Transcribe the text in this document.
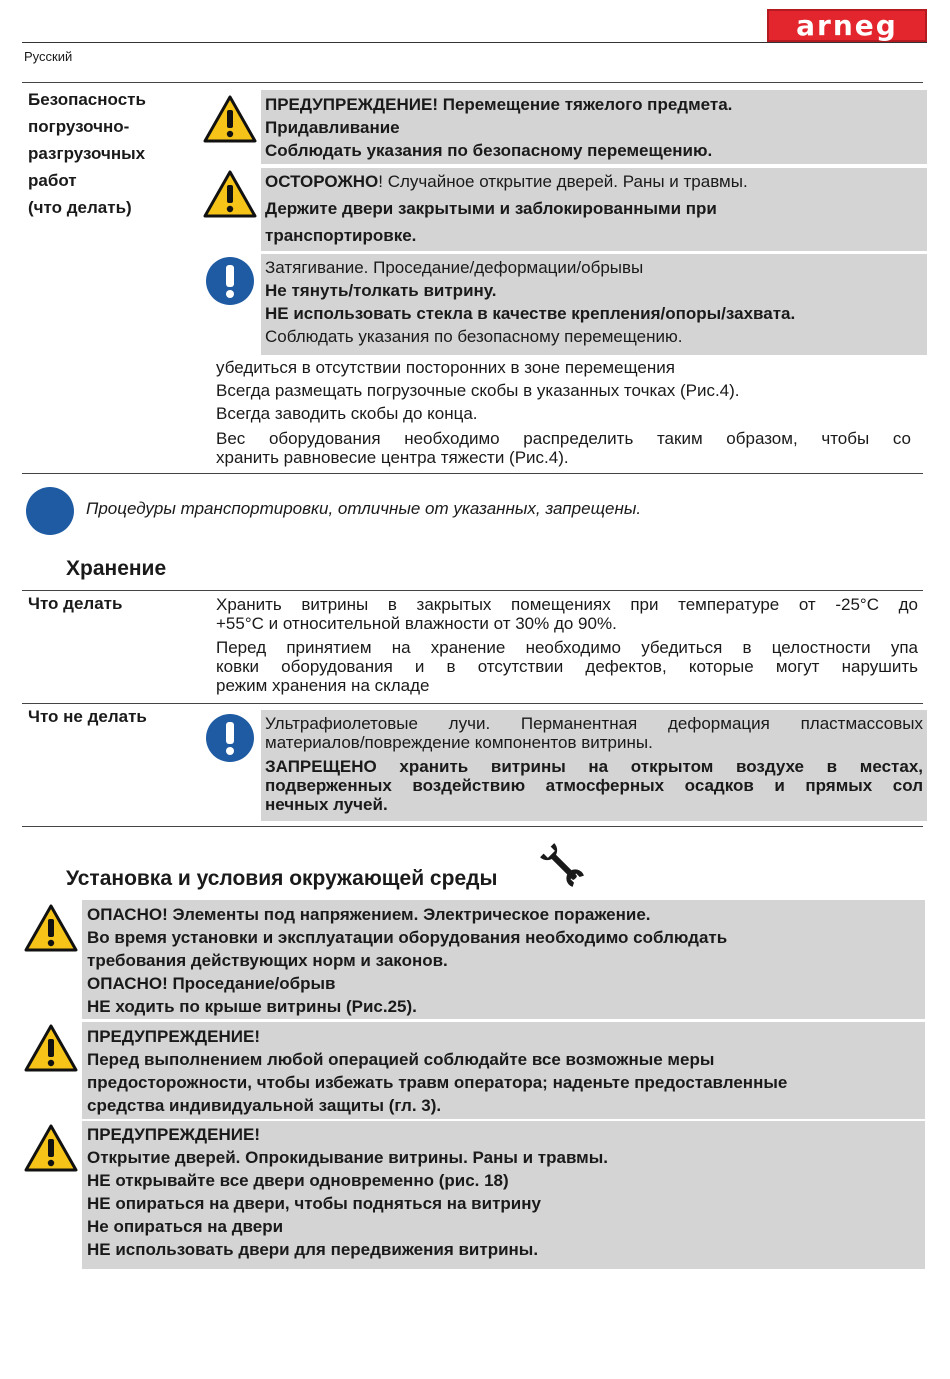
arneg
Русский
Безопасность
погрузочно-
разгрузочных
работ
(что делать)
ПРЕДУПРЕЖДЕНИЕ! Перемещение тяжелого предмета.
Придавливание
Соблюдать указания по безопасному перемещению.
ОСТОРОЖНО! Случайное открытие дверей. Раны и травмы.
Держите двери закрытыми и заблокированными при
транспортировке.
Затягивание. Проседание/деформации/обрывы
Не тянуть/толкать витрину.
НЕ использовать стекла в качестве крепления/опоры/захвата.
Соблюдать указания по безопасному перемещению.
убедиться в отсутствии посторонних в зоне перемещения
Всегда размещать погрузочные скобы в указанных точках (Рис.4).
Всегда заводить скобы до конца.
Вес оборудования необходимо распределить таким образом, чтобы со
хранить равновесие центра тяжести (Рис.4).
Процедуры транспортировки, отличные от указанных, запрещены.
Хранение
Что делать	Хранить витрины в закрытых помещениях при температуре от -25°C до
+55°C и относительной влажности от 30% до 90%.
Перед принятием на хранение необходимо убедиться в целостности упа
ковки оборудования и в отсутствии дефектов, которые могут нарушить
режим хранения на складе
Что не делать	Ультрафиолетовые лучи. Перманентная деформация пластмассовых
материалов/повреждение компонентов витрины.
ЗАПРЕЩЕНО хранить витрины на открытом воздухе в местах,
подверженных воздействию атмосферных осадков и прямых сол
нечных лучей.
Установка и условия окружающей среды
ОПАСНО! Элементы под напряжением. Электрическое поражение.
Во время установки и эксплуатации оборудования необходимо соблюдать
требования действующих норм и законов.
ОПАСНО! Проседание/обрыв
НЕ ходить по крыше витрины (Рис.25).
ПРЕДУПРЕЖДЕНИЕ!
Перед выполнением любой операцией соблюдайте все возможные меры
предосторожности, чтобы избежать травм оператора; наденьте предоставленные
средства индивидуальной защиты (гл. 3).
ПРЕДУПРЕЖДЕНИЕ!
Открытие дверей. Опрокидывание витрины. Раны и травмы.
НЕ открывайте все двери одновременно (рис. 18)
НЕ опираться на двери, чтобы подняться на витрину
Не опираться на двери
НЕ использовать двери для передвижения витрины.
